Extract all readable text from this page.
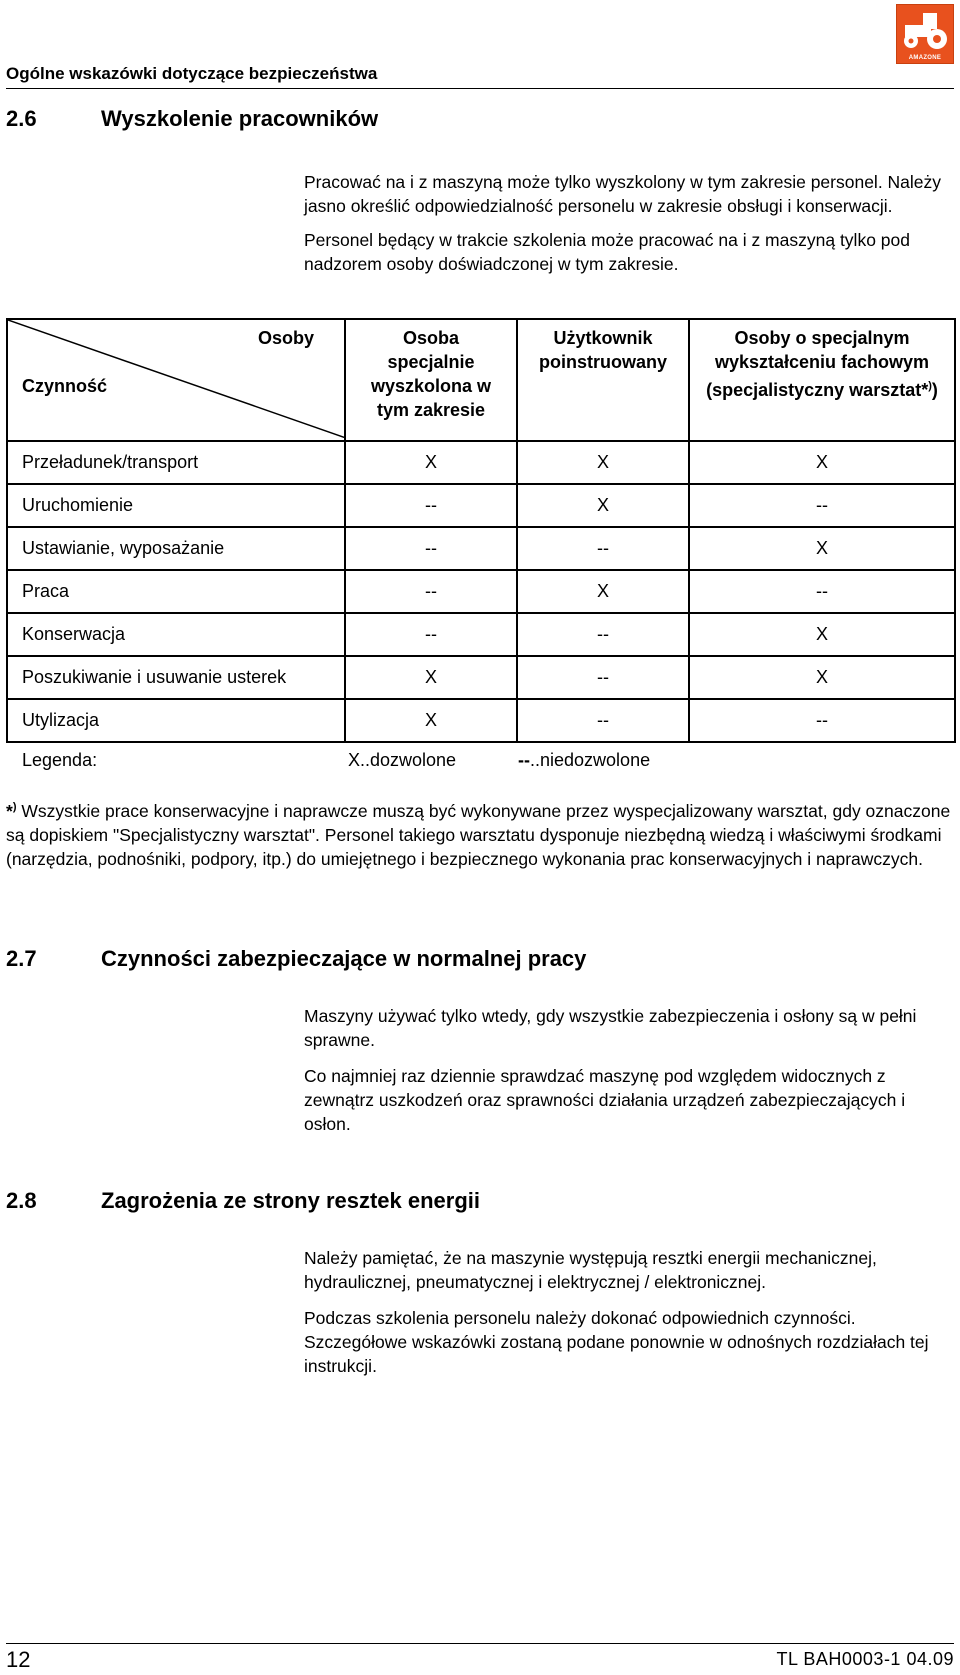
AMAZONE
Ogólne wskazówki dotyczące bezpieczeństwa
2.6	Wyszkolenie pracowników

Pracować na i z maszyną może tylko wyszkolony w tym zakresie personel. Należy jasno określić odpowiedzialność personelu w zakresie obsługi i konserwacji.

Personel będący w trakcie szkolenia może pracować na i z maszyną tylko pod nadzorem osoby doświadczonej w tym zakresie.

Osoby
Czynność	Osoba specjalnie wyszkolona w tym zakresie	Użytkownik poinstruowany	Osoby o specjalnym wykształceniu fachowym (specjalistyczny warsztat*))
Przeładunek/transport	X	X	X
Uruchomienie	--	X	--
Ustawianie, wyposażanie	--	--	X
Praca	--	X	--
Konserwacja	--	--	X
Poszukiwanie i usuwanie usterek	X	--	X
Utylizacja	X	--	--
Legenda:	X..dozwolone	--..niedozwolone
*) Wszystkie prace konserwacyjne i naprawcze muszą być wykonywane przez wyspecjalizowany warsztat, gdy oznaczone są dopiskiem "Specjalistyczny warsztat". Personel takiego warsztatu dysponuje niezbędną wiedzą i właściwymi środkami (narzędzia, podnośniki, podpory, itp.) do umiejętnego i bezpiecznego wykonania prac konserwacyjnych i naprawczych.
2.7	Czynności zabezpieczające w normalnej pracy

Maszyny używać tylko wtedy, gdy wszystkie zabezpieczenia i osłony są w pełni sprawne.

Co najmniej raz dziennie sprawdzać maszynę pod względem widocznych z zewnątrz uszkodzeń oraz sprawności działania urządzeń zabezpieczających i osłon.

2.8	Zagrożenia ze strony resztek energii

Należy pamiętać, że na maszynie występują resztki energii mechanicznej, hydraulicznej, pneumatycznej i elektrycznej / elektronicznej.

Podczas szkolenia personelu należy dokonać odpowiednich czynności. Szczegółowe wskazówki zostaną podane ponownie w odnośnych rozdziałach tej instrukcji.

12	TL BAH0003-1 04.09
